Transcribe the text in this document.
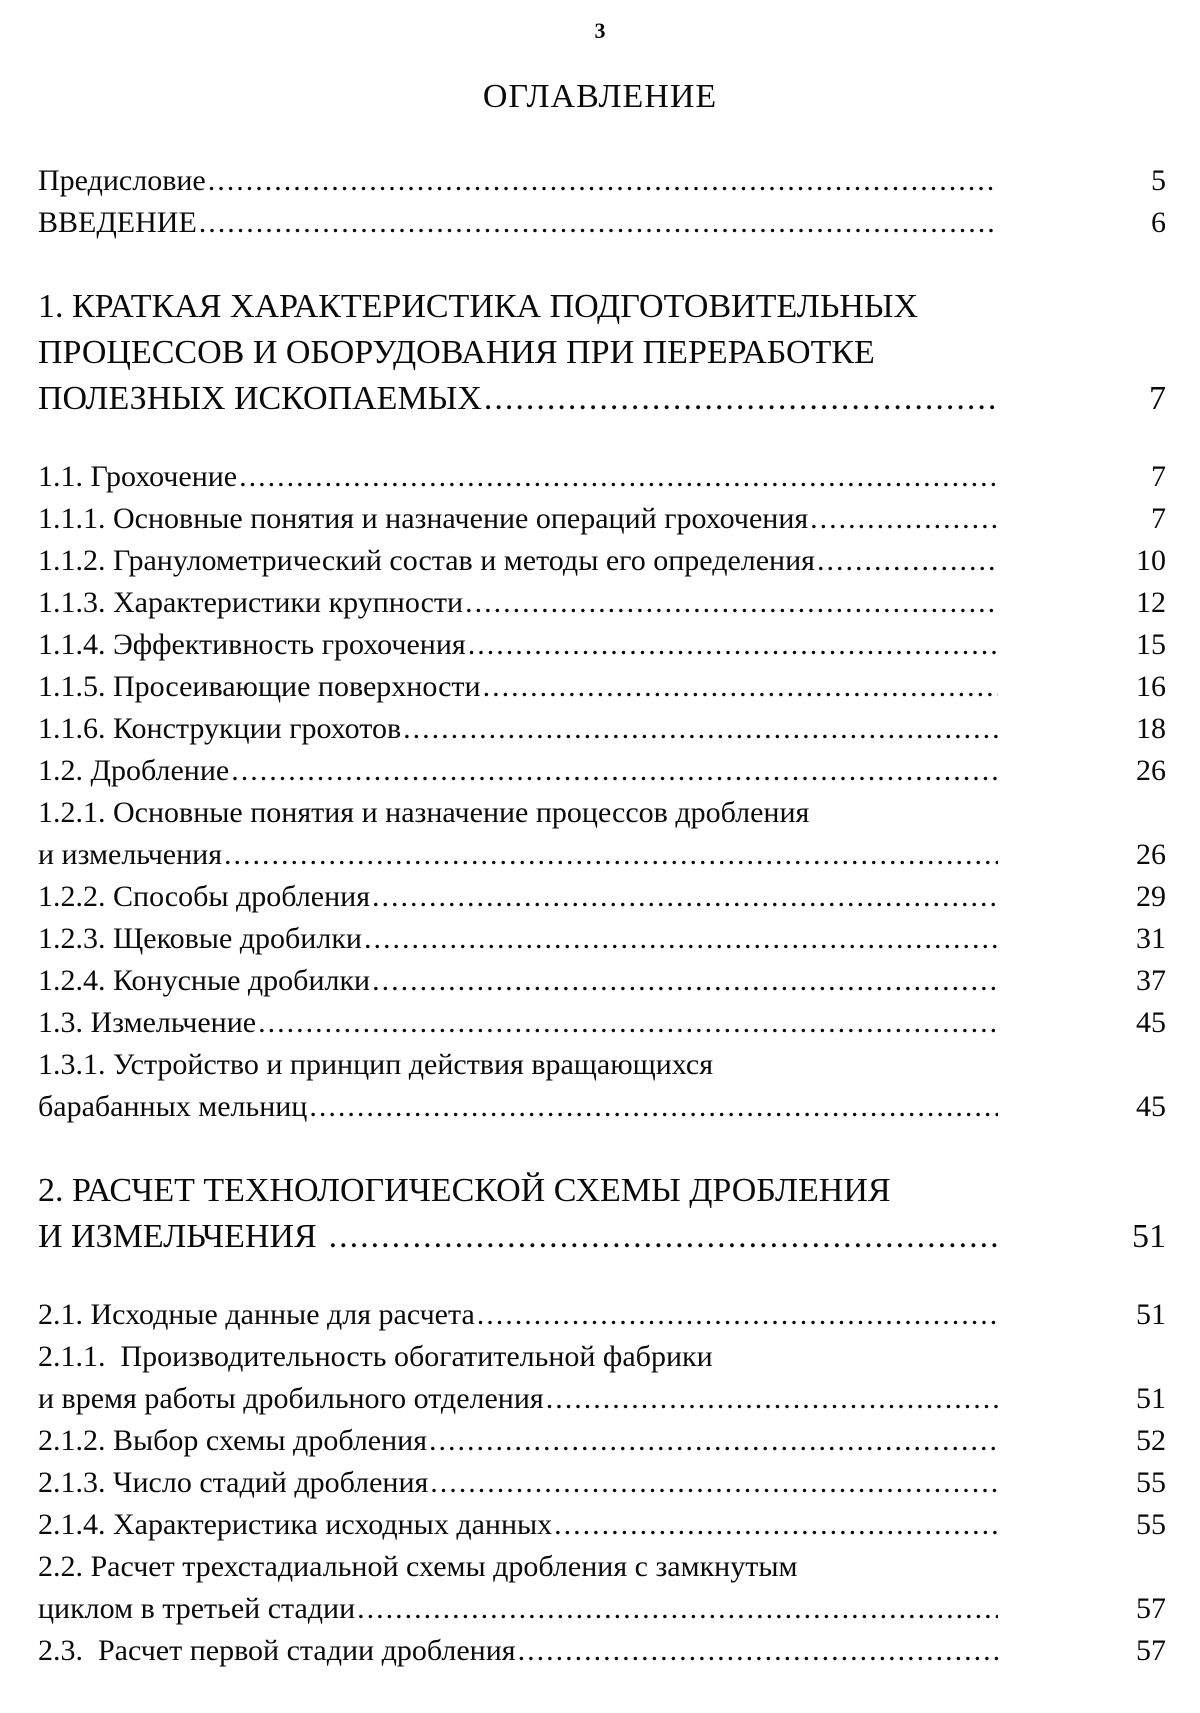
3
ОГЛАВЛЕНИЕ
Предисловие .....	5
ВВЕДЕНИЕ .....	6
1. КРАТКАЯ ХАРАКТЕРИСТИКА ПОДГОТОВИТЕЛЬНЫХ
ПРОЦЕССОВ И ОБОРУДОВАНИЯ ПРИ ПЕРЕРАБОТКЕ
ПОЛЕЗНЫХ ИСКОПАЕМЫХ .....	7
1.1. Грохочение .....	7
1.1.1. Основные понятия и назначение операций грохочения .....	7
1.1.2. Гранулометрический состав и методы его определения .....	10
1.1.3. Характеристики крупности .....	12
1.1.4. Эффективность грохочения .....	15
1.1.5. Просеивающие поверхности .....	16
1.1.6. Конструкции грохотов .....	18
1.2. Дробление .....	26
1.2.1. Основные понятия и назначение процессов дробления
и измельчения .....	26
1.2.2. Способы дробления .....	29
1.2.3. Щековые дробилки .....	31
1.2.4. Конусные дробилки .....	37
1.3. Измельчение .....	45
1.3.1. Устройство и принцип действия вращающихся
барабанных мельниц .....	45
2. РАСЧЕТ ТЕХНОЛОГИЧЕСКОЙ СХЕМЫ ДРОБЛЕНИЯ
И ИЗМЕЛЬЧЕНИЯ .....	51
2.1. Исходные данные для расчета .....	51
2.1.1.  Производительность обогатительной фабрики
и время работы дробильного отделения .....	51
2.1.2. Выбор схемы дробления .....	52
2.1.3. Число стадий дробления .....	55
2.1.4. Характеристика исходных данных .....	55
2.2. Расчет трехстадиальной схемы дробления с замкнутым
циклом в третьей стадии .....	57
2.3.  Расчет первой стадии дробления .....	57
